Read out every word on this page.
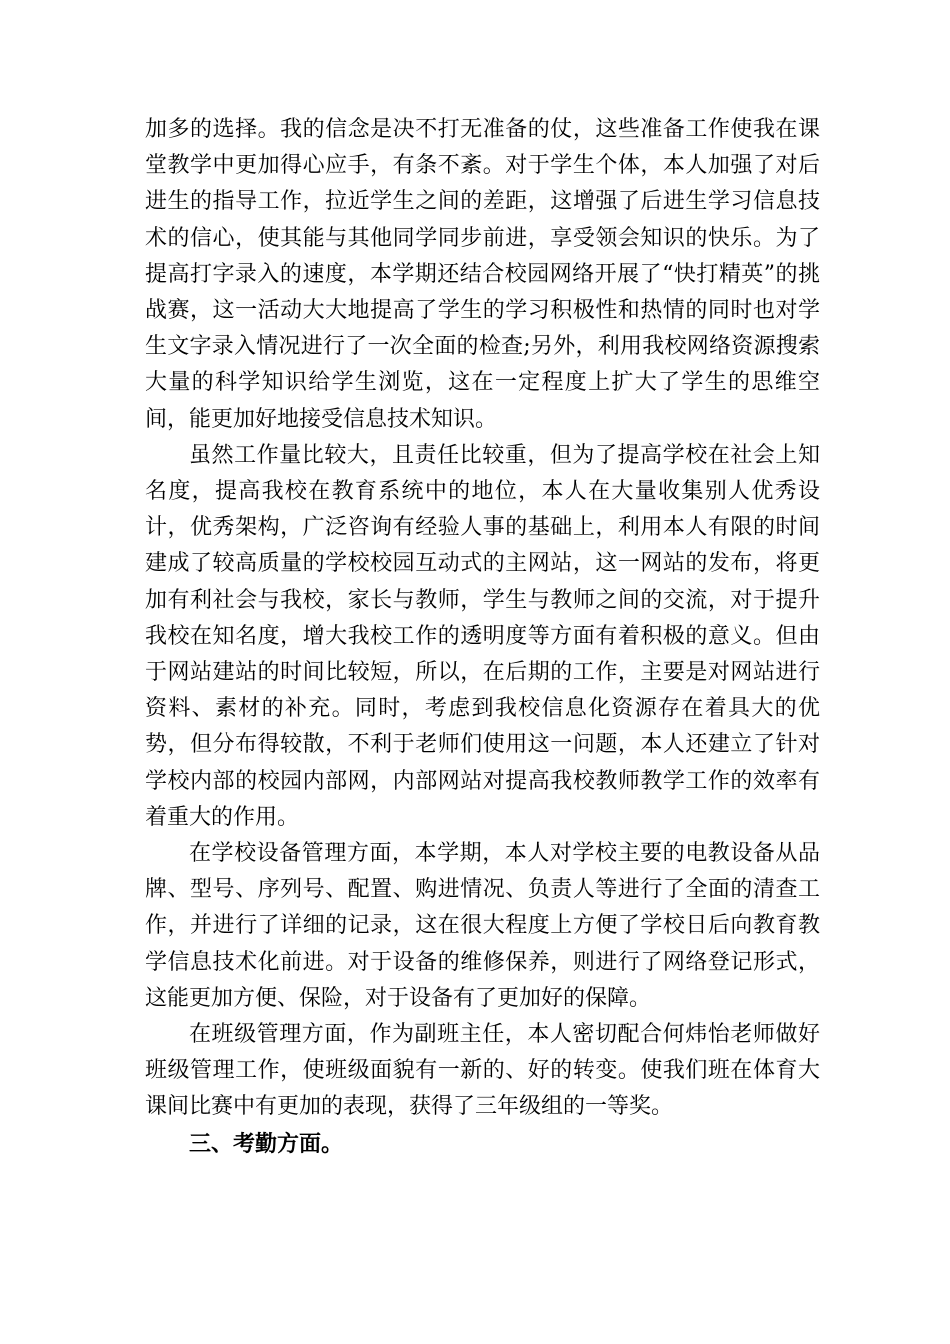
加多的选择。我的信念是决不打无准备的仗，这些准备工作使我在课堂教学中更加得心应手，有条不紊。对于学生个体，本人加强了对后进生的指导工作，拉近学生之间的差距，这增强了后进生学习信息技术的信心，使其能与其他同学同步前进，享受领会知识的快乐。为了提高打字录入的速度，本学期还结合校园网络开展了“快打精英”的挑战赛，这一活动大大地提高了学生的学习积极性和热情的同时也对学生文字录入情况进行了一次全面的检查;另外，利用我校网络资源搜索大量的科学知识给学生浏览，这在一定程度上扩大了学生的思维空间，能更加好地接受信息技术知识。

虽然工作量比较大，且责任比较重，但为了提高学校在社会上知名度，提高我校在教育系统中的地位，本人在大量收集别人优秀设计，优秀架构，广泛咨询有经验人事的基础上，利用本人有限的时间建成了较高质量的学校校园互动式的主网站，这一网站的发布，将更加有利社会与我校，家长与教师，学生与教师之间的交流，对于提升我校在知名度，增大我校工作的透明度等方面有着积极的意义。但由于网站建站的时间比较短，所以，在后期的工作，主要是对网站进行资料、素材的补充。同时，考虑到我校信息化资源存在着具大的优势，但分布得较散，不利于老师们使用这一问题，本人还建立了针对学校内部的校园内部网，内部网站对提高我校教师教学工作的效率有着重大的作用。

在学校设备管理方面，本学期，本人对学校主要的电教设备从品牌、型号、序列号、配置、购进情况、负责人等进行了全面的清查工作，并进行了详细的记录，这在很大程度上方便了学校日后向教育教学信息技术化前进。对于设备的维修保养，则进行了网络登记形式，这能更加方便、保险，对于设备有了更加好的保障。

在班级管理方面，作为副班主任，本人密切配合何炜怡老师做好班级管理工作，使班级面貌有一新的、好的转变。使我们班在体育大课间比赛中有更加的表现，获得了三年级组的一等奖。

三、考勤方面。
